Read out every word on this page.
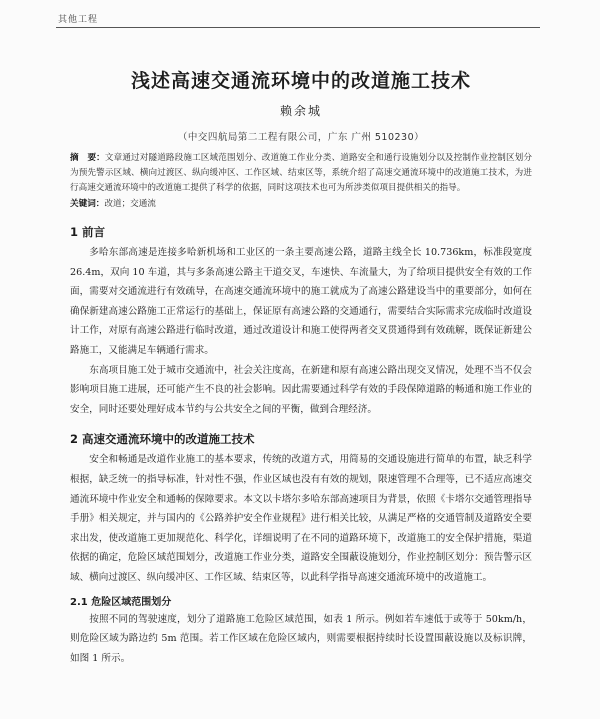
其他工程
浅述高速交通流环境中的改道施工技术
赖余城
（中交四航局第二工程有限公司，广东 广州 510230）
摘　要：文章通过对隧道路段施工区域范围划分、改道施工作业分类、道路安全和通行设施划分以及控制作业控制区划分为预先警示区域、横向过渡区、纵向缓冲区、工作区域、结束区等，系统介绍了高速交通流环境中的改道施工技术，为进行高速交通流环境中的改道施工提供了科学的依据，同时这项技术也可为所涉类似项目提供相关的指导。
关键词：改道；交通流
1 前言

多哈东部高速是连接多哈新机场和工业区的一条主要高速公路，道路主线全长 10.736km，标准段宽度 26.4m，双向 10 车道，其与多条高速公路主干道交叉，车速快、车流量大，为了给项目提供安全有效的工作面，需要对交通流进行有效疏导，在高速交通流环境中的施工就成为了高速公路建设当中的重要部分，如何在确保新建高速公路施工正常运行的基础上，保证原有高速公路的交通通行，需要结合实际需求完成临时改道设计工作，对原有高速公路进行临时改道，通过改道设计和施工使得两者交叉贯通得到有效疏解，既保证新建公路施工，又能满足车辆通行需求。

东高项目施工处于城市交通流中，社会关注度高，在新建和原有高速公路出现交叉情况，处理不当不仅会影响项目施工进展，还可能产生不良的社会影响。因此需要通过科学有效的手段保障道路的畅通和施工作业的安全，同时还要处理好成本节约与公共安全之间的平衡，做到合理经济。

2 高速交通流环境中的改道施工技术

安全和畅通是改道作业施工的基本要求，传统的改道方式，用简易的交通设施进行简单的布置，缺乏科学根据，缺乏统一的指导标准，针对性不强，作业区域也没有有效的规划，限速管理不合理等，已不适应高速交通流环境中作业安全和通畅的保障要求。本文以卡塔尔多哈东部高速项目为背景，依照《卡塔尔交通管理指导手册》相关规定，并与国内的《公路养护安全作业规程》进行相关比较，从满足严格的交通管制及道路安全要求出发，使改道施工更加规范化、科学化，详细说明了在不同的道路环境下，改道施工的安全保护措施，渠道依据的确定，危险区域范围划分，改道施工作业分类，道路安全围蔽设施划分，作业控制区划分：预告警示区域、横向过渡区、纵向缓冲区、工作区域、结束区等，以此科学指导高速交通流环境中的改道施工。

2.1 危险区域范围划分

按照不同的驾驶速度，划分了道路施工危险区域范围，如表 1 所示。例如若车速低于或等于 50km/h，则危险区域为路边约 5m 范围。若工作区域在危险区域内，则需要根据持续时长设置围蔽设施以及标识牌，如图 1 所示。
